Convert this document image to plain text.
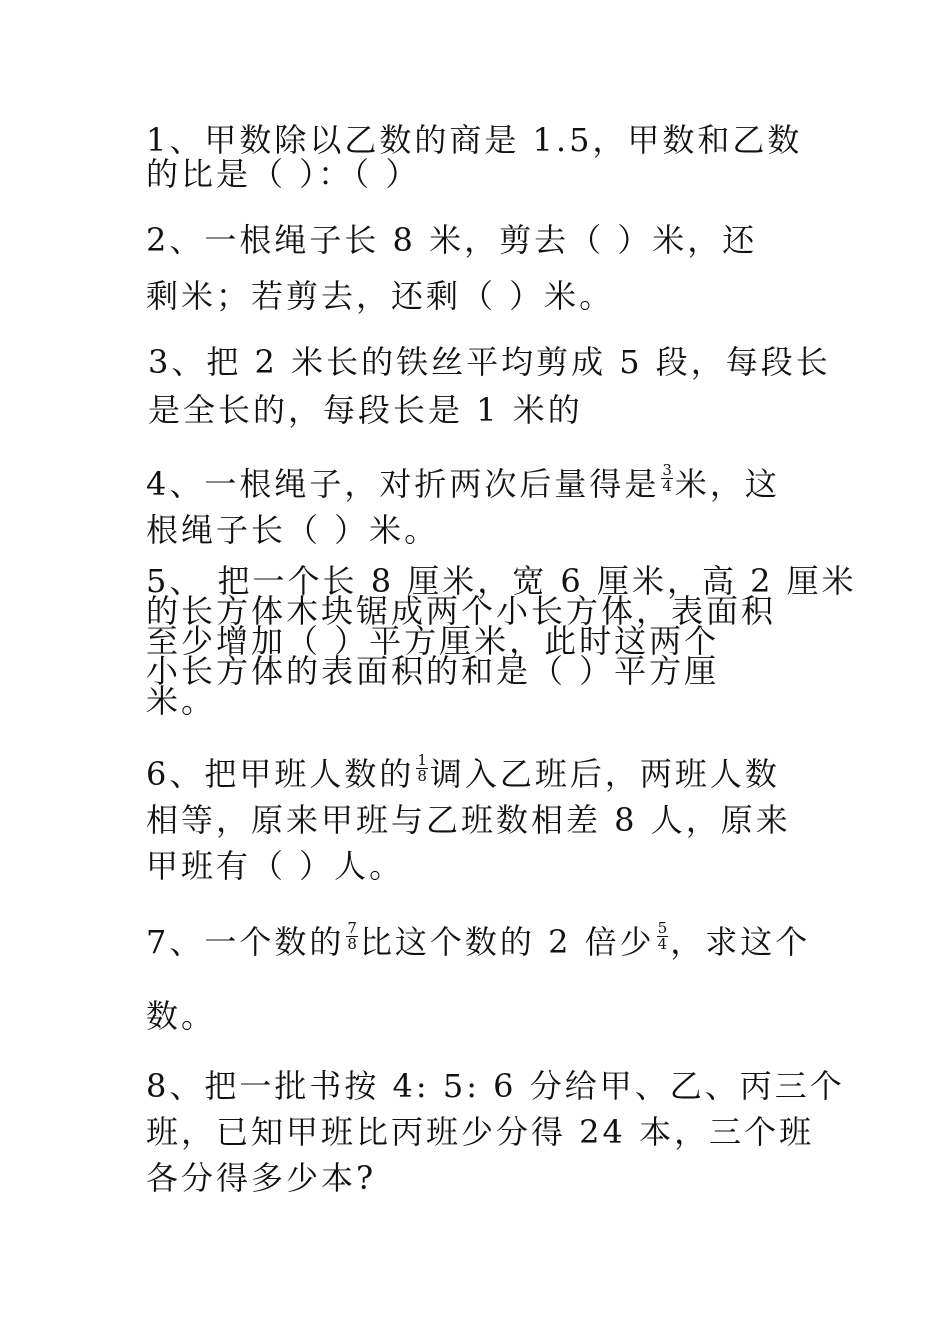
1、甲数除以乙数的商是 1.5，甲数和乙数
的比是（ ）：（ ）
2、一根绳子长 8 米，剪去（ ）米，还
剩米；若剪去，还剩（ ）米。
3、把 2 米长的铁丝平均剪成 5 段，每段长
是全长的，每段长是 1 米的
4、一根绳子，对折两次后量得是 $\frac{3}{4}$ 米，这
根绳子长（ ）米。
5、 把一个长 8 厘米，宽 6 厘米，高 2 厘米
的长方体木块锯成两个小长方体，表面积
至少增加（ ）平方厘米，此时这两个
小长方体的表面积的和是（ ）平方厘
米。
6、把甲班人数的 $\frac{1}{8}$ 调入乙班后，两班人数
相等，原来甲班与乙班数相差 8 人，原来
甲班有（ ）人。
7、一个数的 $\frac{7}{8}$ 比这个数的 2 倍少 $\frac{5}{4}$ ，求这个
数。
8、把一批书按 4: 5: 6 分给甲、乙、丙三个
班，已知甲班比丙班少分得 24 本，三个班
各分得多少本?
